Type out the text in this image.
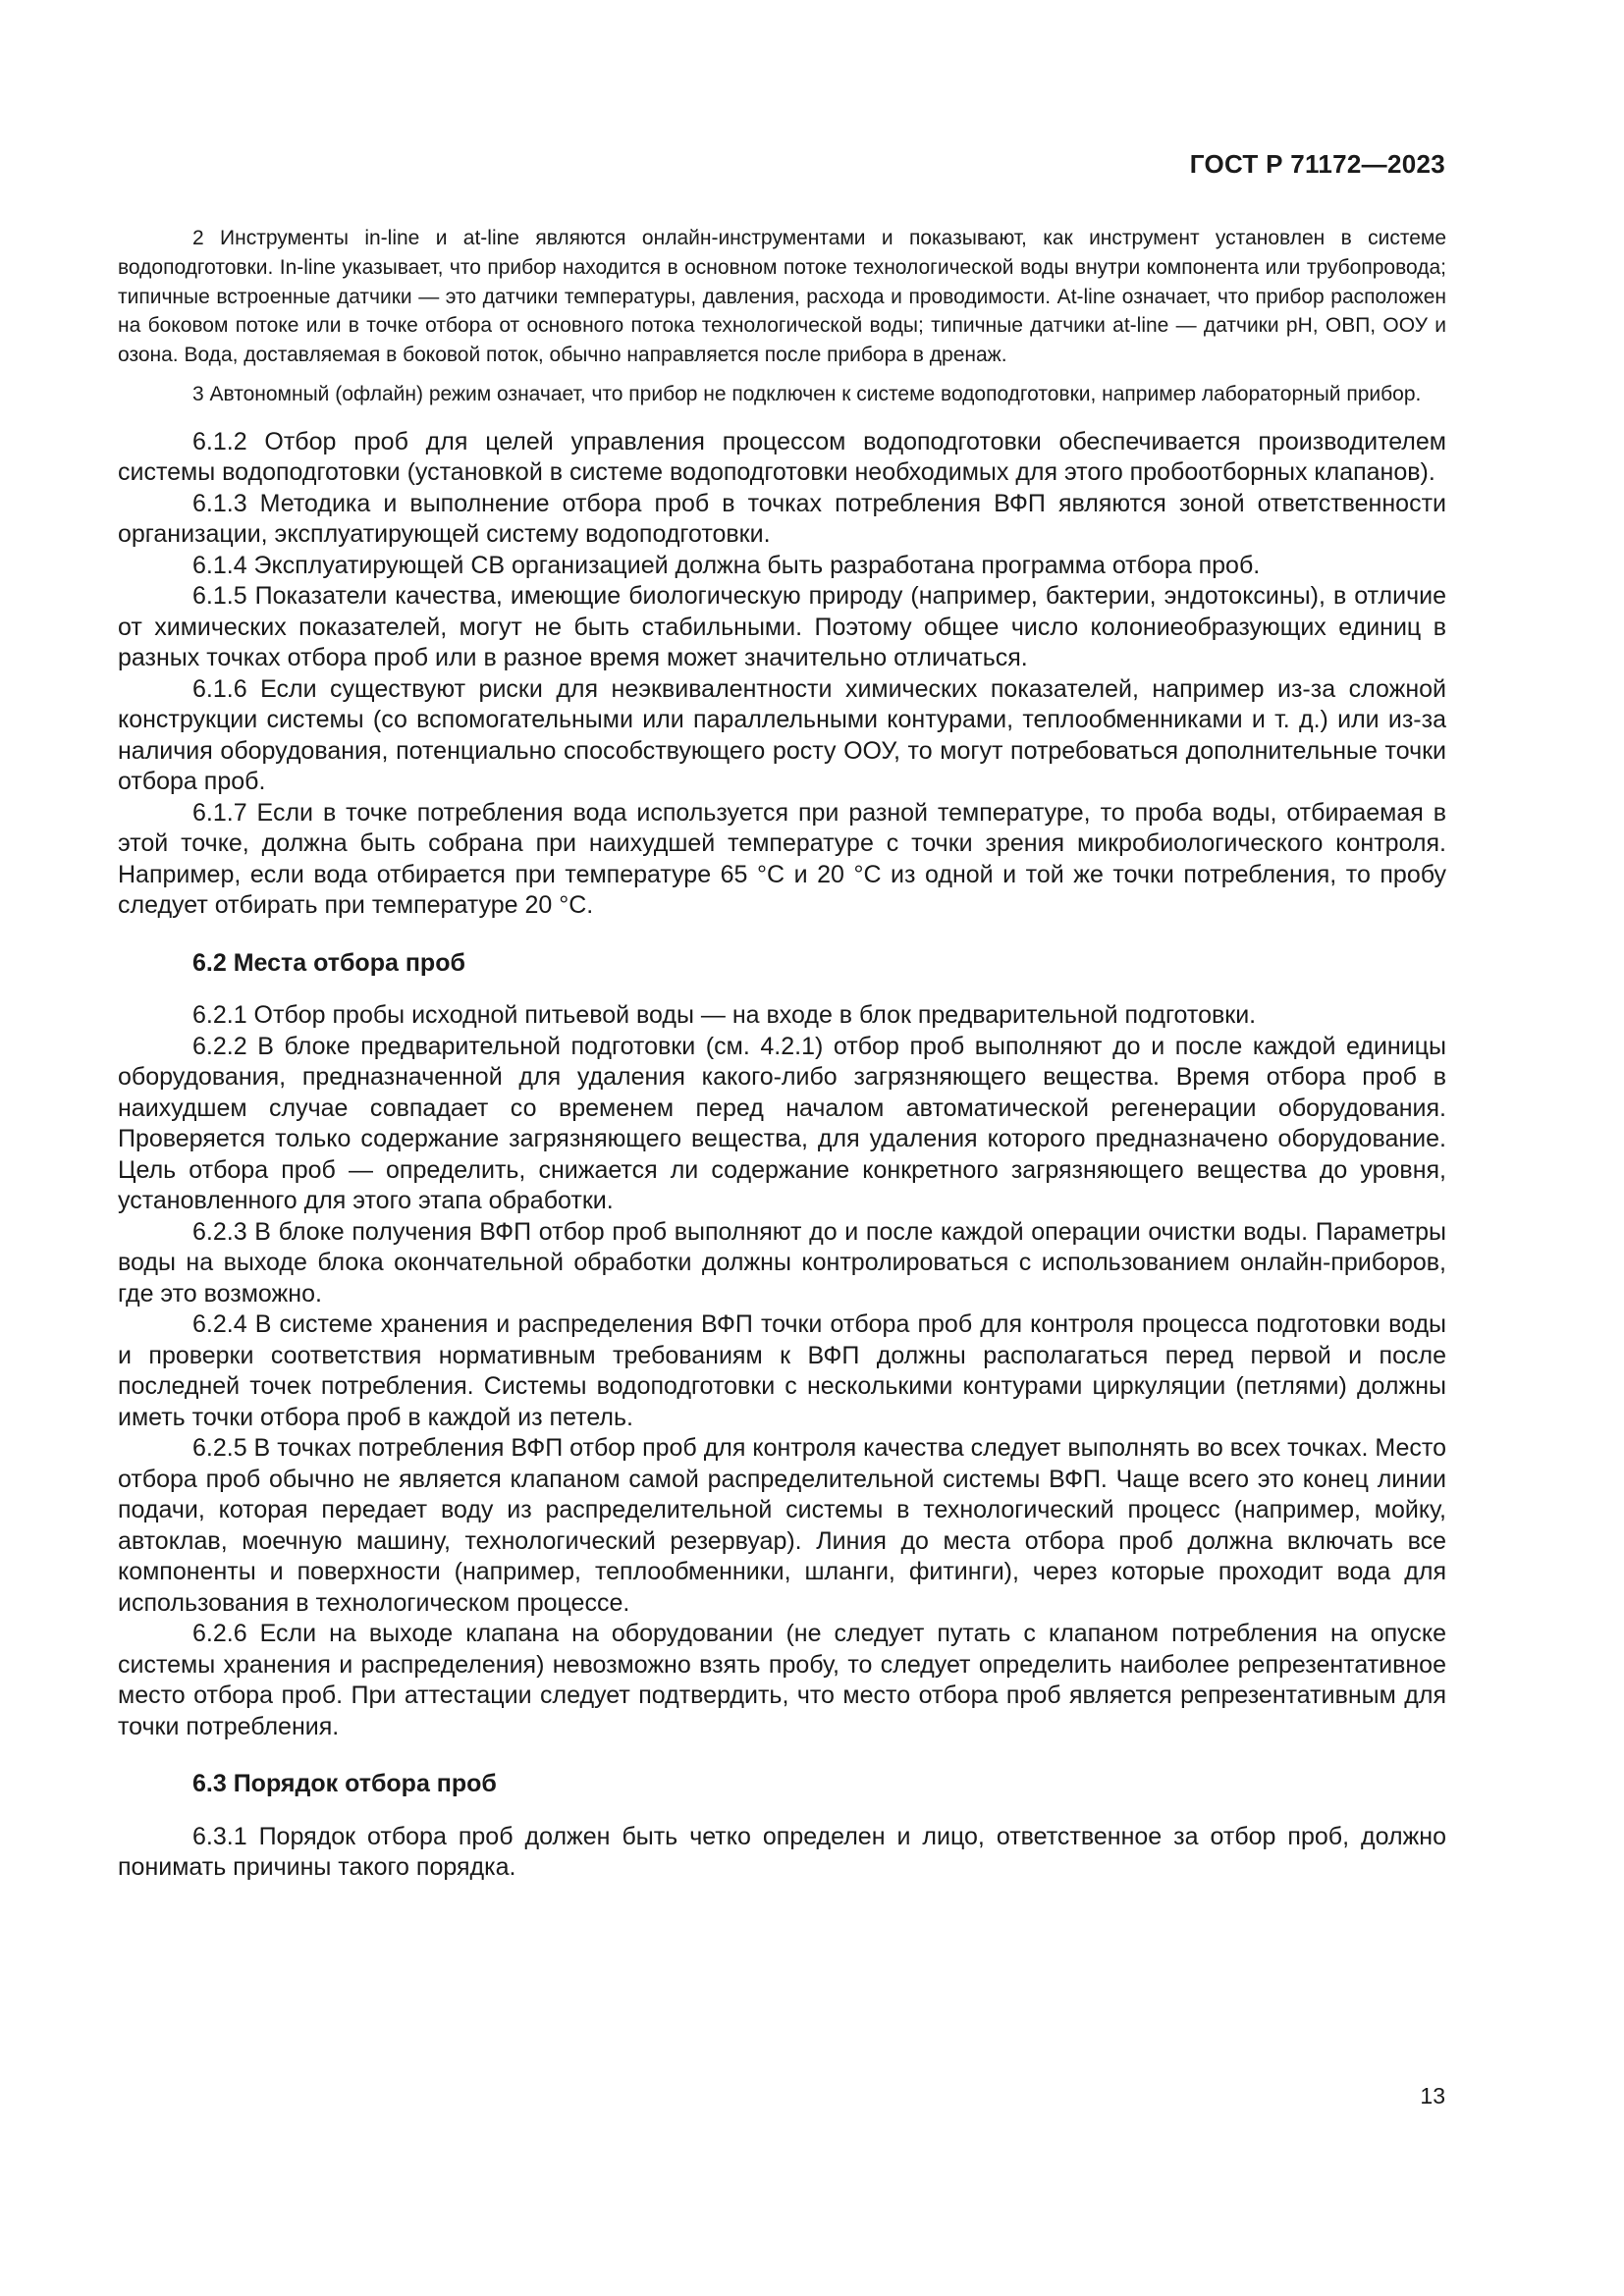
ГОСТ Р 71172—2023

2 Инструменты in-line и at-line являются онлайн-инструментами и показывают, как инструмент установлен в системе водоподготовки. In-line указывает, что прибор находится в основном потоке технологической воды внутри компонента или трубопровода; типичные встроенные датчики — это датчики температуры, давления, расхода и проводимости. At-line означает, что прибор расположен на боковом потоке или в точке отбора от основного потока технологической воды; типичные датчики at-line — датчики pH, ОВП, ООУ и озона. Вода, доставляемая в боковой поток, обычно направляется после прибора в дренаж.

3 Автономный (офлайн) режим означает, что прибор не подключен к системе водоподготовки, например лабораторный прибор.

6.1.2 Отбор проб для целей управления процессом водоподготовки обеспечивается производителем системы водоподготовки (установкой в системе водоподготовки необходимых для этого пробоотборных клапанов).

6.1.3 Методика и выполнение отбора проб в точках потребления ВФП являются зоной ответственности организации, эксплуатирующей систему водоподготовки.

6.1.4 Эксплуатирующей СВ организацией должна быть разработана программа отбора проб.

6.1.5 Показатели качества, имеющие биологическую природу (например, бактерии, эндотоксины), в отличие от химических показателей, могут не быть стабильными. Поэтому общее число колониеобразующих единиц в разных точках отбора проб или в разное время может значительно отличаться.

6.1.6 Если существуют риски для неэквивалентности химических показателей, например из-за сложной конструкции системы (со вспомогательными или параллельными контурами, теплообменниками и т. д.) или из-за наличия оборудования, потенциально способствующего росту ООУ, то могут потребоваться дополнительные точки отбора проб.

6.1.7 Если в точке потребления вода используется при разной температуре, то проба воды, отбираемая в этой точке, должна быть собрана при наихудшей температуре с точки зрения микробиологического контроля. Например, если вода отбирается при температуре 65 °C и 20 °C из одной и той же точки потребления, то пробу следует отбирать при температуре 20 °C.

6.2 Места отбора проб

6.2.1 Отбор пробы исходной питьевой воды — на входе в блок предварительной подготовки.

6.2.2 В блоке предварительной подготовки (см. 4.2.1) отбор проб выполняют до и после каждой единицы оборудования, предназначенной для удаления какого-либо загрязняющего вещества. Время отбора проб в наихудшем случае совпадает со временем перед началом автоматической регенерации оборудования. Проверяется только содержание загрязняющего вещества, для удаления которого предназначено оборудование. Цель отбора проб — определить, снижается ли содержание конкретного загрязняющего вещества до уровня, установленного для этого этапа обработки.

6.2.3 В блоке получения ВФП отбор проб выполняют до и после каждой операции очистки воды. Параметры воды на выходе блока окончательной обработки должны контролироваться с использованием онлайн-приборов, где это возможно.

6.2.4 В системе хранения и распределения ВФП точки отбора проб для контроля процесса подготовки воды и проверки соответствия нормативным требованиям к ВФП должны располагаться перед первой и после последней точек потребления. Системы водоподготовки с несколькими контурами циркуляции (петлями) должны иметь точки отбора проб в каждой из петель.

6.2.5 В точках потребления ВФП отбор проб для контроля качества следует выполнять во всех точках. Место отбора проб обычно не является клапаном самой распределительной системы ВФП. Чаще всего это конец линии подачи, которая передает воду из распределительной системы в технологический процесс (например, мойку, автоклав, моечную машину, технологический резервуар). Линия до места отбора проб должна включать все компоненты и поверхности (например, теплообменники, шланги, фитинги), через которые проходит вода для использования в технологическом процессе.

6.2.6 Если на выходе клапана на оборудовании (не следует путать с клапаном потребления на опуске системы хранения и распределения) невозможно взять пробу, то следует определить наиболее репрезентативное место отбора проб. При аттестации следует подтвердить, что место отбора проб является репрезентативным для точки потребления.

6.3 Порядок отбора проб

6.3.1 Порядок отбора проб должен быть четко определен и лицо, ответственное за отбор проб, должно понимать причины такого порядка.

13
